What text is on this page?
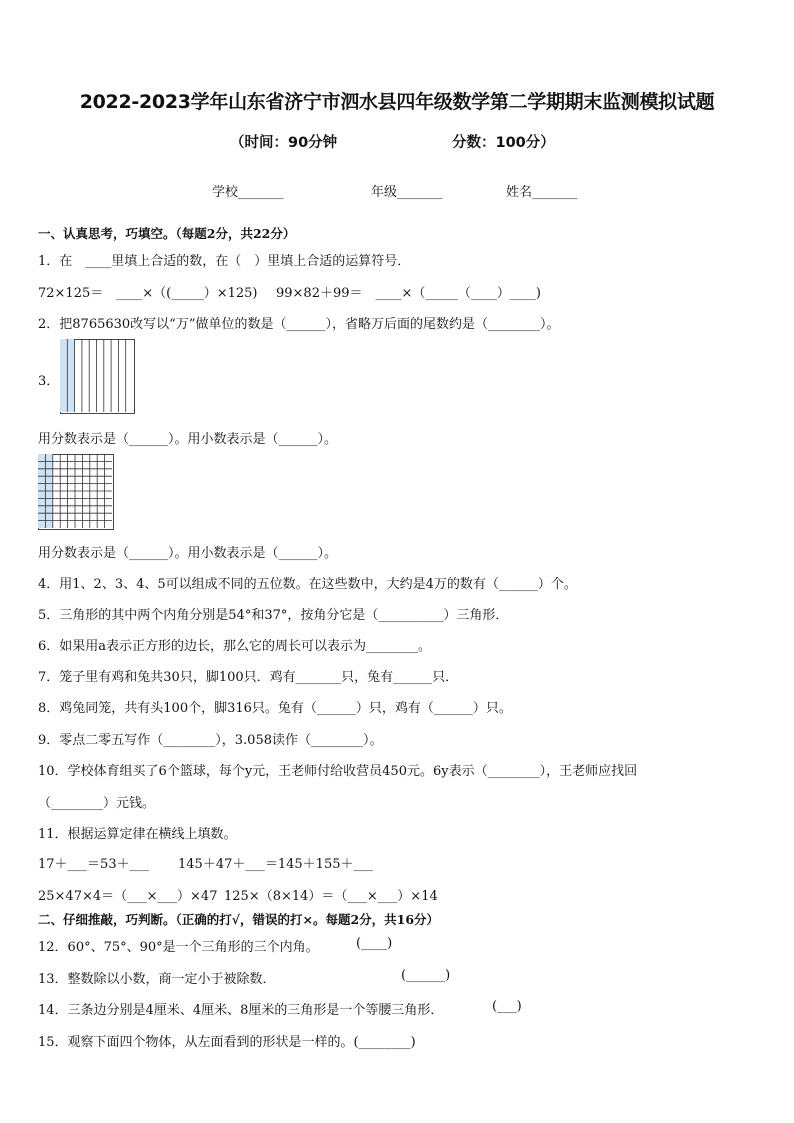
2022-2023学年山东省济宁市泗水县四年级数学第二学期期末监测模拟试题
（时间：90分钟	分数：100分）
学校_______	年级_______	姓名_______
一、认真思考，巧填空。（每题2分，共22分）
1．在　____里填上合适的数，在（　）里填上合适的运算符号．
72×125＝　____×（(_____）×125) 99×82＋99＝　____×（_____（____）____)
2．把8765630改写以“万”做单位的数是（______），省略万后面的尾数约是（________）。
3．
用分数表示是（______）。用小数表示是（______）。
用分数表示是（______）。用小数表示是（______）。
4．用1、2、3、4、5可以组成不同的五位数。在这些数中，大约是4万的数有（______）个。
5．三角形的其中两个内角分别是54°和37°，按角分它是（__________）三角形．
6．如果用a表示正方形的边长，那么它的周长可以表示为________。
7．笼子里有鸡和兔共30只，脚100只．鸡有_______只，兔有______只．
8．鸡兔同笼，共有头100个，脚316只。兔有（______）只，鸡有（______）只。
9．零点二零五写作（________），3.058读作（________）。
10．学校体育组买了6个篮球，每个y元，王老师付给收营员450元。6y表示（________），王老师应找回
（________）元钱。
11．根据运算定律在横线上填数。
17＋___＝53＋___ 145＋47＋___＝145＋155＋___
25×47×4＝（___×___）×47 125×（8×14）＝（___×___）×14
二、仔细推敲，巧判断。（正确的打√，错误的打×。每题2分，共16分）
12．60°、75°、90°是一个三角形的三个内角。	(____)
13．整数除以小数，商一定小于被除数．	(______)
14．三条边分别是4厘米、4厘米、8厘米的三角形是一个等腰三角形．	(___)
15．观察下面四个物体，从左面看到的形状是一样的。(________)
